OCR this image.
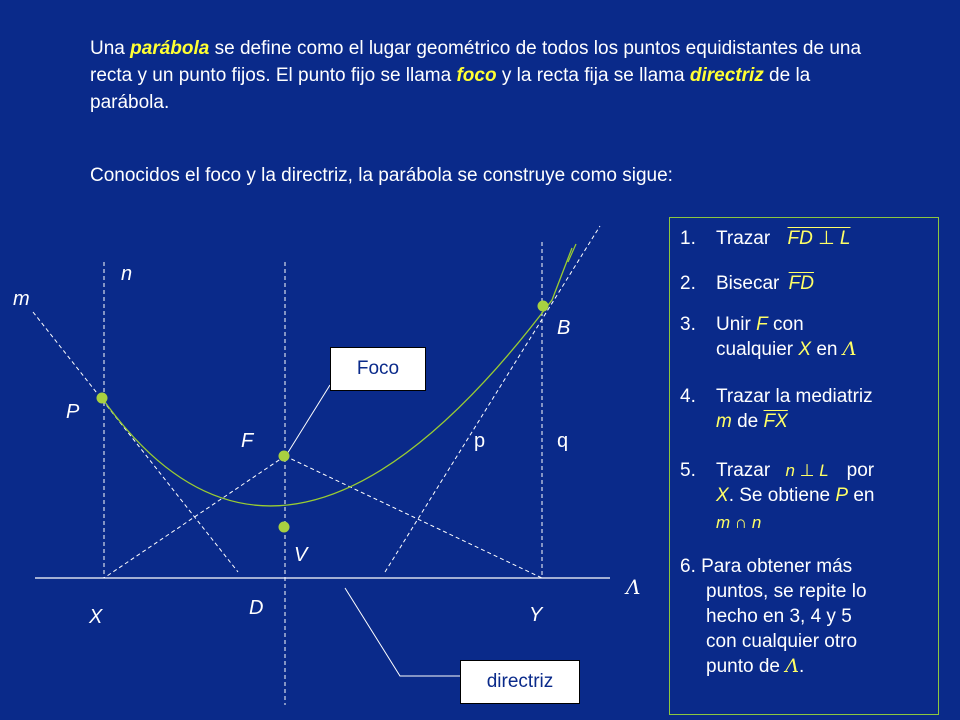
Una parábola se define como el lugar geométrico de todos los puntos equidistantes de una recta y un punto fijos. El punto fijo se llama foco y la recta fija se llama directriz de la parábola.
Conocidos el foco y la directriz, la parábola se construye como sigue:
m
n
P
F
V
B
p	q
X	D	Y
Λ
Foco
directriz
1. Trazar FD ⊥ L
2. Bisecar $\overline{FD}$
3. Unir F con
cualquier X en Λ
4. Trazar la mediatriz
m de $\overline{FX}$
5. Trazar n ⊥ L por
X. Se obtiene P en
m ∩ n
6. Para obtener más
puntos, se repite lo
hecho en 3, 4 y 5
con cualquier otro
punto de Λ.
